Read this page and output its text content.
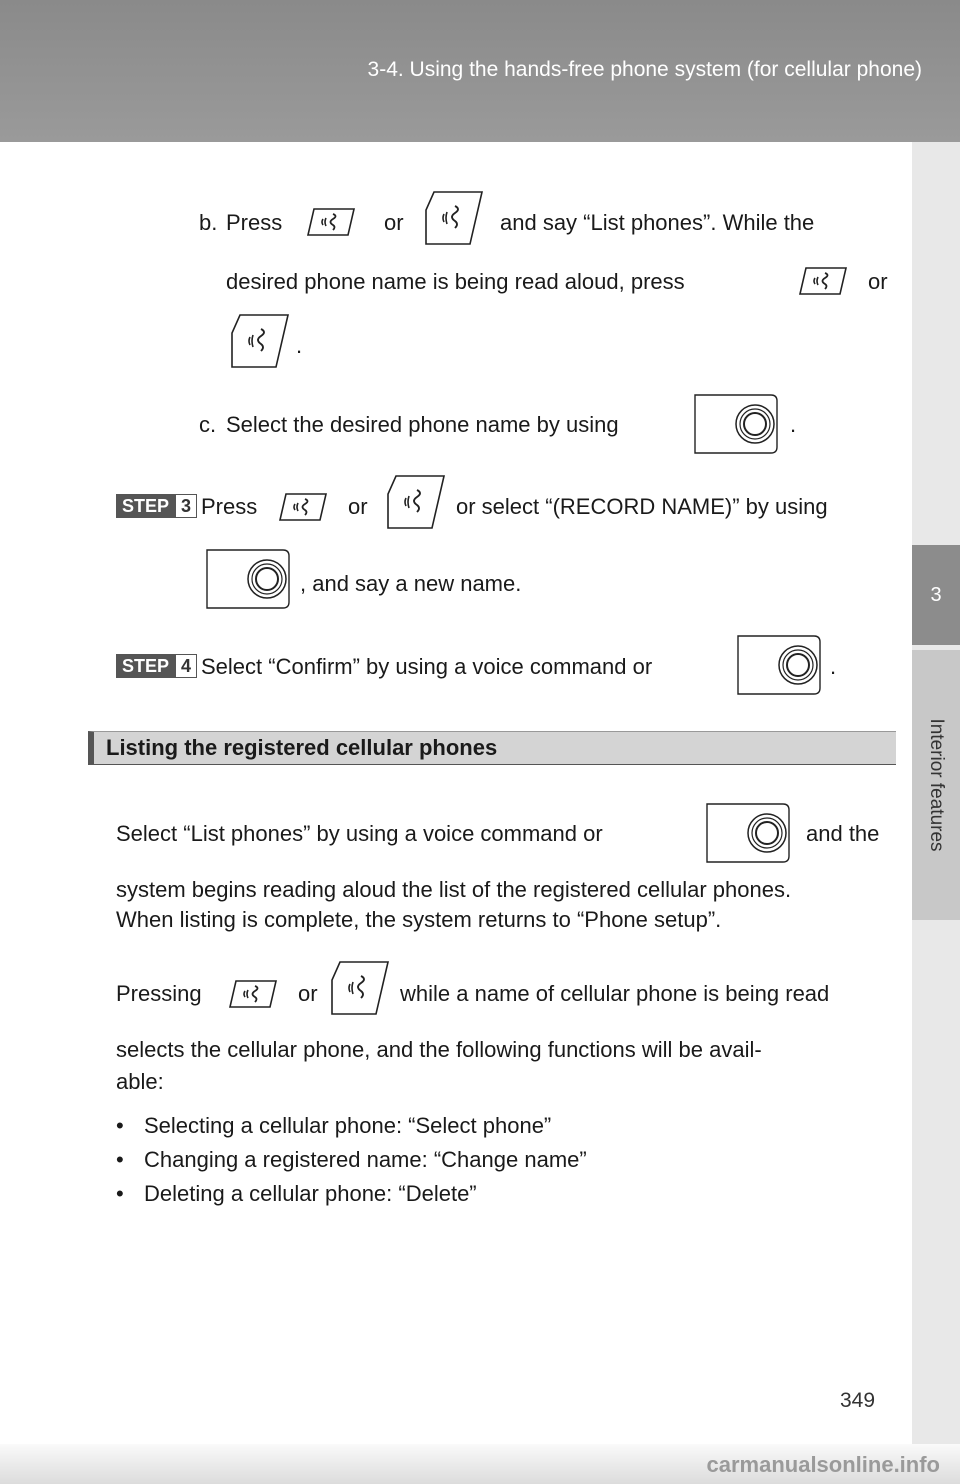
3-4. Using the hands-free phone system (for cellular phone)
3
Interior features
b. Press	or	and say “List phones”. While the
desired phone name is being read aloud, press	or
.
c. Select the desired phone name by using	.
STEP 3 Press	or	or select “(RECORD NAME)” by using
, and say a new name.
STEP 4 Select “Confirm” by using a voice command or	.
Listing the registered cellular phones
Select “List phones” by using a voice command or	and the
system begins reading aloud the list of the registered cellular phones.
When listing is complete, the system returns to “Phone setup”.
Pressing	or	while a name of cellular phone is being read
selects the cellular phone, and the following functions will be avail-
able:
• Selecting a cellular phone: “Select phone”
• Changing a registered name: “Change name”
• Deleting a cellular phone: “Delete”
349
carmanualsonline.info
